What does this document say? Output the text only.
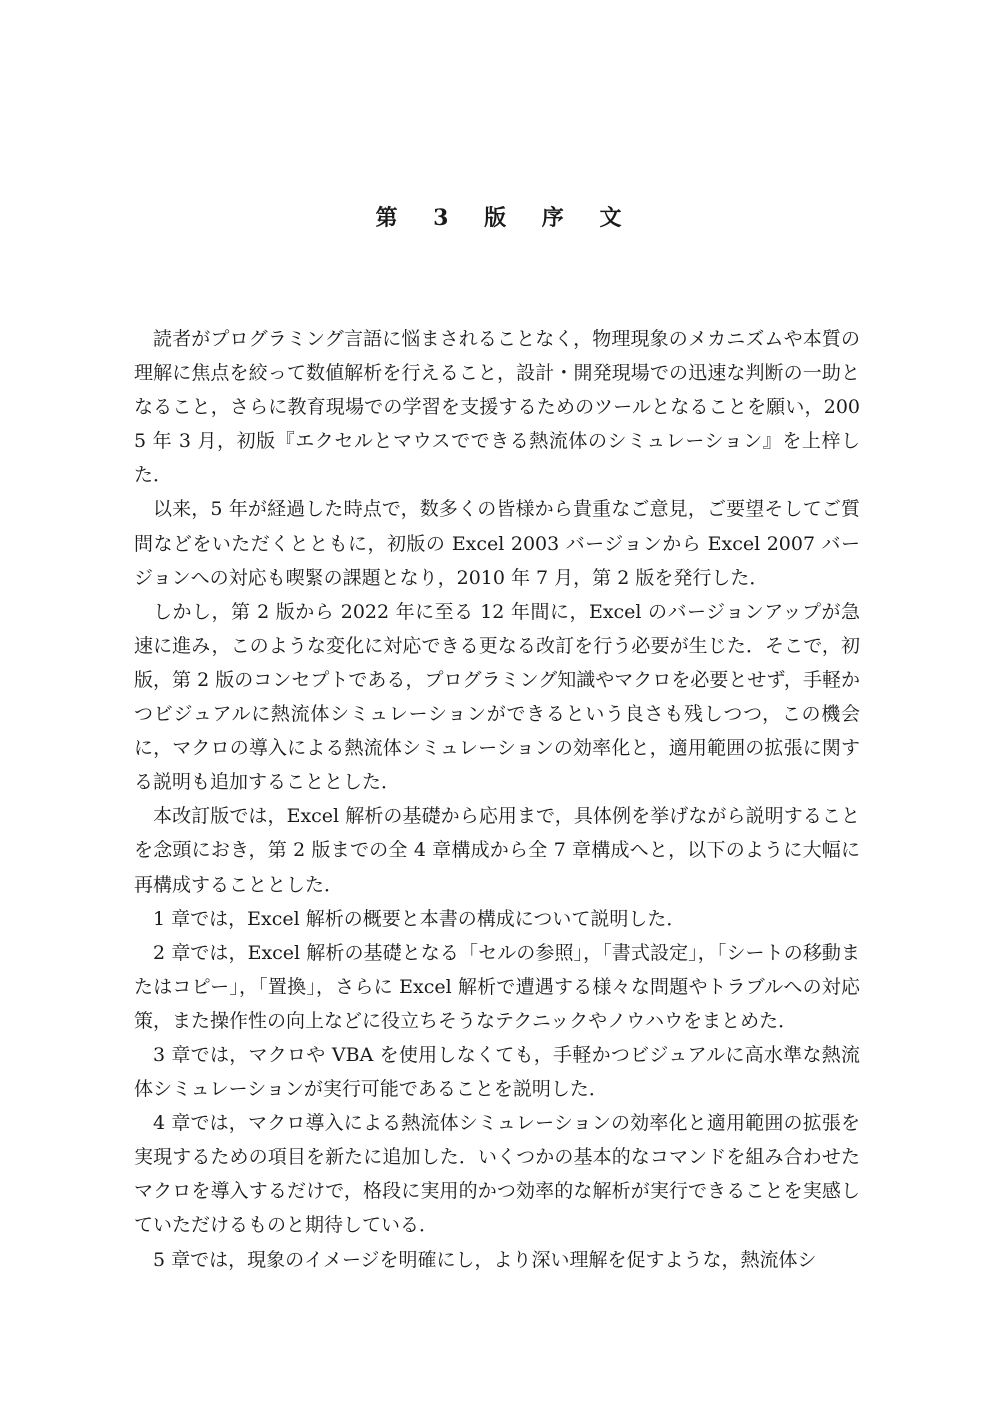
第 3 版 序 文

読者がプログラミング言語に悩まされることなく，物理現象のメカニズムや本質の理解に焦点を絞って数値解析を行えること，設計・開発現場での迅速な判断の一助となること，さらに教育現場での学習を支援するためのツールとなることを願い，2005 年 3 月，初版『エクセルとマウスでできる熱流体のシミュレーション』を上梓した．

以来，5 年が経過した時点で，数多くの皆様から貴重なご意見，ご要望そしてご質問などをいただくとともに，初版の Excel 2003 バージョンから Excel 2007 バージョンへの対応も喫緊の課題となり，2010 年 7 月，第 2 版を発行した．

しかし，第 2 版から 2022 年に至る 12 年間に，Excel のバージョンアップが急速に進み，このような変化に対応できる更なる改訂を行う必要が生じた．そこで，初版，第 2 版のコンセプトである，プログラミング知識やマクロを必要とせず，手軽かつビジュアルに熱流体シミュレーションができるという良さも残しつつ，この機会に，マクロの導入による熱流体シミュレーションの効率化と，適用範囲の拡張に関する説明も追加することとした．

本改訂版では，Excel 解析の基礎から応用まで，具体例を挙げながら説明することを念頭におき，第 2 版までの全 4 章構成から全 7 章構成へと，以下のように大幅に再構成することとした．

1 章では，Excel 解析の概要と本書の構成について説明した．

2 章では，Excel 解析の基礎となる「セルの参照」，「書式設定」，「シートの移動またはコピー」，「置換」，さらに Excel 解析で遭遇する様々な問題やトラブルへの対応策，また操作性の向上などに役立ちそうなテクニックやノウハウをまとめた．

3 章では，マクロや VBA を使用しなくても，手軽かつビジュアルに高水準な熱流体シミュレーションが実行可能であることを説明した．

4 章では，マクロ導入による熱流体シミュレーションの効率化と適用範囲の拡張を実現するための項目を新たに追加した．いくつかの基本的なコマンドを組み合わせたマクロを導入するだけで，格段に実用的かつ効率的な解析が実行できることを実感していただけるものと期待している．

5 章では，現象のイメージを明確にし，より深い理解を促すような，熱流体シ
